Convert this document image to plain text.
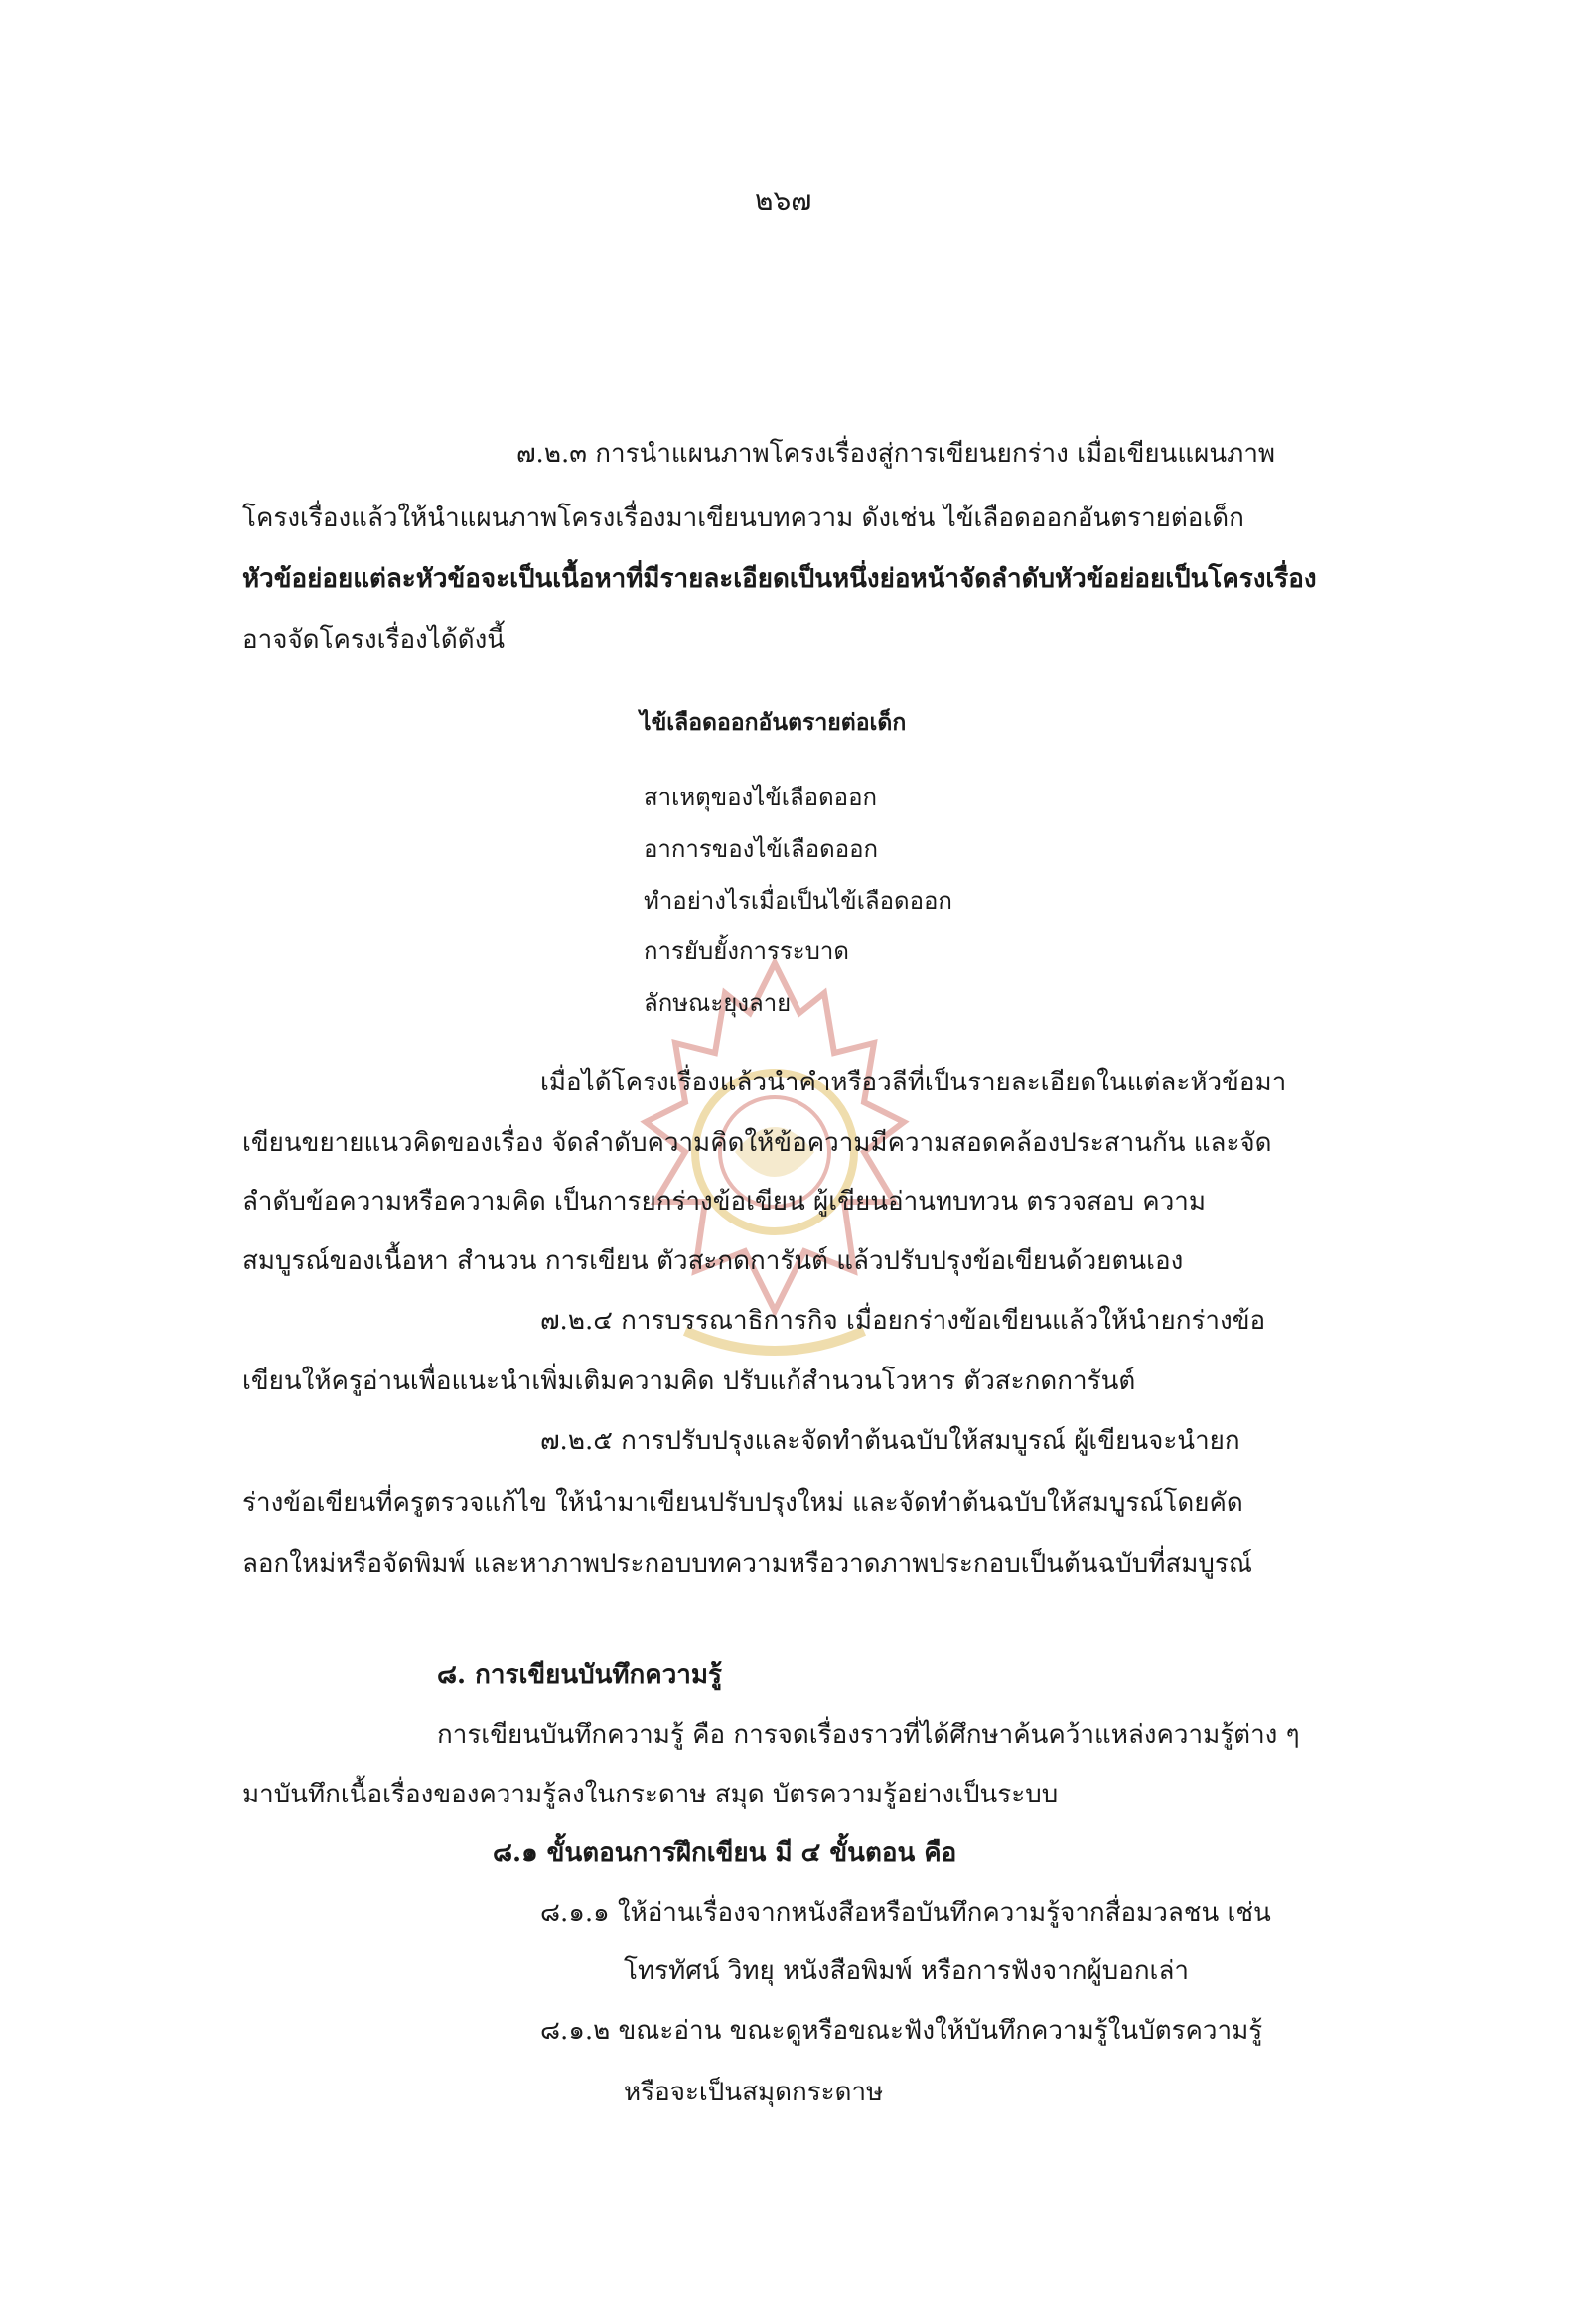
๒๖๗
๗.๒.๓ การนำแผนภาพโครงเรื่องสู่การเขียนยกร่าง เมื่อเขียนแผนภาพ
โครงเรื่องแล้วให้นำแผนภาพโครงเรื่องมาเขียนบทความ ดังเช่น ไข้เลือดออกอันตรายต่อเด็ก
หัวข้อย่อยแต่ละหัวข้อจะเป็นเนื้อหาที่มีรายละเอียดเป็นหนึ่งย่อหน้าจัดลำดับหัวข้อย่อยเป็นโครงเรื่อง
อาจจัดโครงเรื่องได้ดังนี้
ไข้เลือดออกอันตรายต่อเด็ก
สาเหตุของไข้เลือดออก
อาการของไข้เลือดออก
ทำอย่างไรเมื่อเป็นไข้เลือดออก
การยับยั้งการระบาด
ลักษณะยุงลาย
เมื่อได้โครงเรื่องแล้วนำคำหรือวลีที่เป็นรายละเอียดในแต่ละหัวข้อมา
เขียนขยายแนวคิดของเรื่อง จัดลำดับความคิดให้ข้อความมีความสอดคล้องประสานกัน และจัด
ลำดับข้อความหรือความคิด เป็นการยกร่างข้อเขียน ผู้เขียนอ่านทบทวน ตรวจสอบ ความ
สมบูรณ์ของเนื้อหา สำนวน การเขียน ตัวสะกดการันต์ แล้วปรับปรุงข้อเขียนด้วยตนเอง
๗.๒.๔ การบรรณาธิการกิจ เมื่อยกร่างข้อเขียนแล้วให้นำยกร่างข้อ
เขียนให้ครูอ่านเพื่อแนะนำเพิ่มเติมความคิด ปรับแก้สำนวนโวหาร ตัวสะกดการันต์
๗.๒.๕ การปรับปรุงและจัดทำต้นฉบับให้สมบูรณ์ ผู้เขียนจะนำยก
ร่างข้อเขียนที่ครูตรวจแก้ไข ให้นำมาเขียนปรับปรุงใหม่ และจัดทำต้นฉบับให้สมบูรณ์โดยคัด
ลอกใหม่หรือจัดพิมพ์ และหาภาพประกอบบทความหรือวาดภาพประกอบเป็นต้นฉบับที่สมบูรณ์
๘. การเขียนบันทึกความรู้
การเขียนบันทึกความรู้ คือ การจดเรื่องราวที่ได้ศึกษาค้นคว้าแหล่งความรู้ต่าง ๆ
มาบันทึกเนื้อเรื่องของความรู้ลงในกระดาษ สมุด บัตรความรู้อย่างเป็นระบบ
๘.๑ ขั้นตอนการฝึกเขียน มี ๔ ขั้นตอน คือ
๘.๑.๑ ให้อ่านเรื่องจากหนังสือหรือบันทึกความรู้จากสื่อมวลชน เช่น
โทรทัศน์ วิทยุ หนังสือพิมพ์ หรือการฟังจากผู้บอกเล่า
๘.๑.๒ ขณะอ่าน ขณะดูหรือขณะฟังให้บันทึกความรู้ในบัตรความรู้
หรือจะเป็นสมุดกระดาษ
